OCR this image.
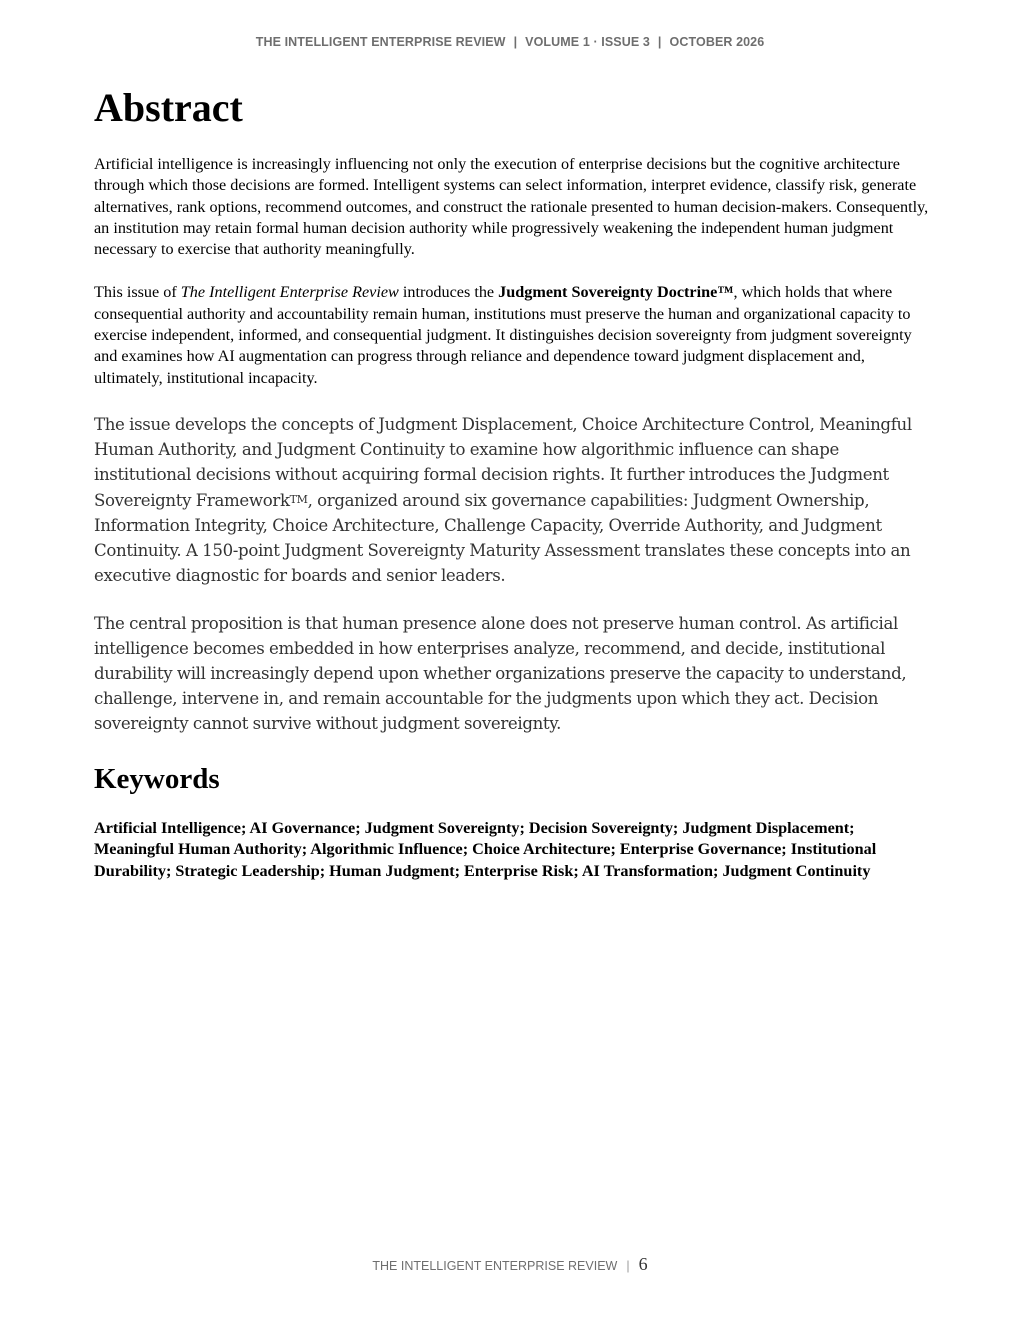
THE INTELLIGENT ENTERPRISE REVIEW | VOLUME 1 · ISSUE 3 | OCTOBER 2026
Abstract

Artificial intelligence is increasingly influencing not only the execution of enterprise decisions but the cognitive architecture through which those decisions are formed. Intelligent systems can select information, interpret evidence, classify risk, generate alternatives, rank options, recommend outcomes, and construct the rationale presented to human decision-makers. Consequently, an institution may retain formal human decision authority while progressively weakening the independent human judgment necessary to exercise that authority meaningfully.

This issue of The Intelligent Enterprise Review introduces the Judgment Sovereignty Doctrine™, which holds that where consequential authority and accountability remain human, institutions must preserve the human and organizational capacity to exercise independent, informed, and consequential judgment. It distinguishes decision sovereignty from judgment sovereignty and examines how AI augmentation can progress through reliance and dependence toward judgment displacement and, ultimately, institutional incapacity.

The issue develops the concepts of Judgment Displacement, Choice Architecture Control, Meaningful Human Authority, and Judgment Continuity to examine how algorithmic influence can shape institutional decisions without acquiring formal decision rights. It further introduces the Judgment Sovereignty FrameworkTM, organized around six governance capabilities: Judgment Ownership, Information Integrity, Choice Architecture, Challenge Capacity, Override Authority, and Judgment Continuity. A 150-point Judgment Sovereignty Maturity Assessment translates these concepts into an executive diagnostic for boards and senior leaders.

The central proposition is that human presence alone does not preserve human control. As artificial intelligence becomes embedded in how enterprises analyze, recommend, and decide, institutional durability will increasingly depend upon whether organizations preserve the capacity to understand, challenge, intervene in, and remain accountable for the judgments upon which they act. Decision sovereignty cannot survive without judgment sovereignty.

Keywords
Artificial Intelligence; AI Governance; Judgment Sovereignty; Decision Sovereignty; Judgment Displacement; Meaningful Human Authority; Algorithmic Influence; Choice Architecture; Enterprise Governance; Institutional Durability; Strategic Leadership; Human Judgment; Enterprise Risk; AI Transformation; Judgment Continuity
THE INTELLIGENT ENTERPRISE REVIEW | 6
